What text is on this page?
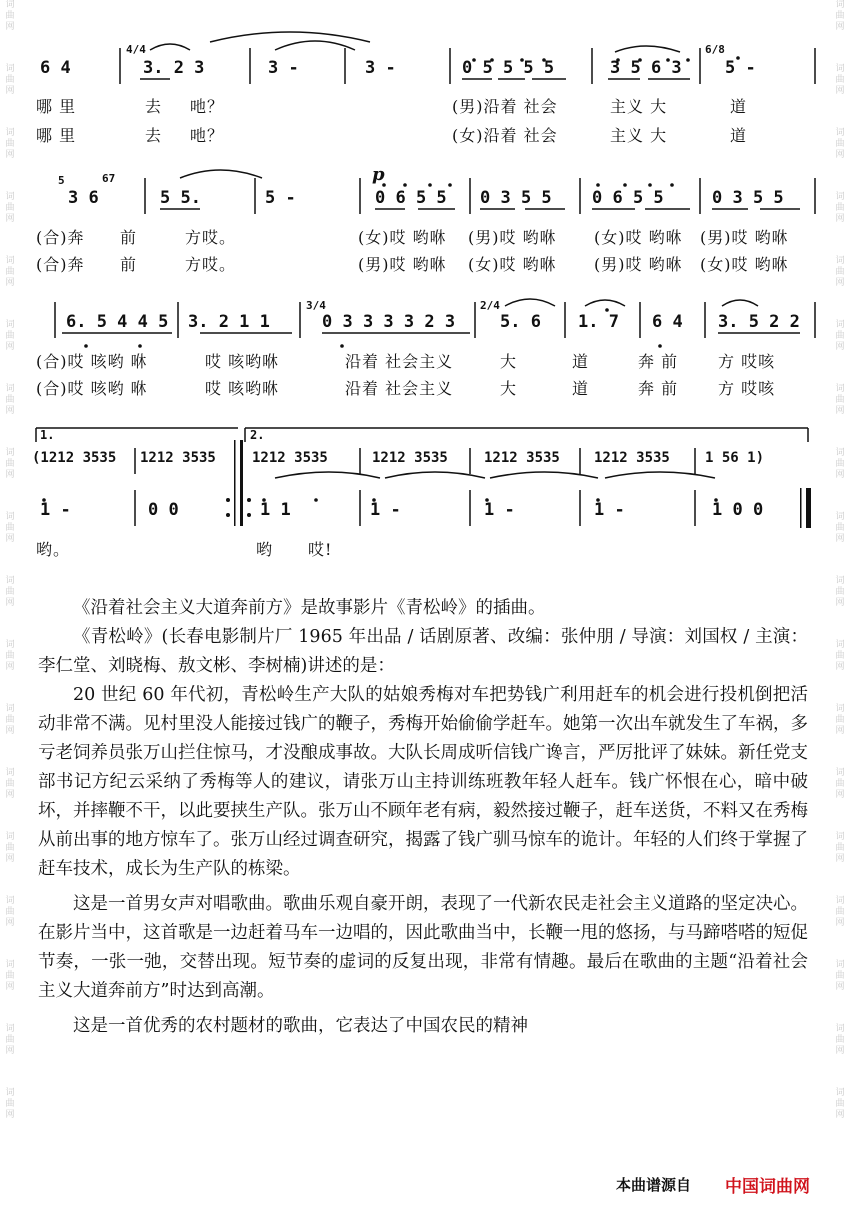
词
曲
网
词
曲
网
词
曲
网
词
曲
网
词
曲
网
词
曲
网
词
曲
网
词
曲
网
词
曲
网
词
曲
网
词
曲
网
词
曲
网
词
曲
网
词
曲
网
词
曲
网
词
曲
网
词
曲
网
词
曲
网
词
曲
网
词
曲
网
词
曲
网
词
曲
网
词
曲
网
词
曲
网
词
曲
网
词
曲
网
词
曲
网
词
曲
网
词
曲
网
词
曲
网
词
曲
网
词
曲
网
词
曲
网
词
曲
网
词
曲
网
词
曲
网
6 4
4/4
3. 2 3	3 -	3 -	0 5 5 5 5	3 5 6 3
6/8
5 -
哪 里	去 吔？	(男)沿着 社会	主义 大	道
哪 里	去 吔？	(女)沿着 社会	主义 大	道
5	67
3 6	5 5.	5 -
p
0 6 5 5 0 3 5 5 0 6 5 5	0 3 5 5
(合)奔 前	方哎。	(女)哎 哟咻 (男)哎 哟咻 (女)哎 哟咻 (男)哎 哟咻
(合)奔 前	方哎。	(男)哎 哟咻 (女)哎 哟咻 (男)哎 哟咻 (女)哎 哟咻
6. 5 4 4 5 3. 2 1 1
3/4
0 3 3 3 3 2 3
2/4
5. 6 1. 7 6 4 3. 5 2 2
(合)哎 咳哟 咻	哎 咳哟咻	沿着 社会主义	大	道	奔 前 方 哎咳
(合)哎 咳哟 咻	哎 咳哟咻	沿着 社会主义	大	道	奔 前 方 哎咳
1.	2.
(1212 3535 1212 3535	1212 3535	1212 3535	1212 3535 1212 3535	1 56 1)
1 -	0 0	1 1	1 -	1 -	1 -	1 0 0
哟。	哟 哎!

《沿着社会主义大道奔前方》是故事影片《青松岭》的插曲。

《青松岭》(长春电影制片厂 1965 年出品 / 话剧原著、改编：张仲朋 / 导演：刘国权 / 主演：李仁堂、刘晓梅、敖文彬、李树楠)讲述的是：

20 世纪 60 年代初，青松岭生产大队的姑娘秀梅对车把势钱广利用赶车的机会进行投机倒把活动非常不满。见村里没人能接过钱广的鞭子，秀梅开始偷偷学赶车。她第一次出车就发生了车祸，多亏老饲养员张万山拦住惊马，才没酿成事故。大队长周成听信钱广谗言，严厉批评了妹妹。新任党支部书记方纪云采纳了秀梅等人的建议，请张万山主持训练班教年轻人赶车。钱广怀恨在心，暗中破坏，并摔鞭不干，以此要挟生产队。张万山不顾年老有病，毅然接过鞭子，赶车送货，不料又在秀梅从前出事的地方惊车了。张万山经过调查研究，揭露了钱广驯马惊车的诡计。年轻的人们终于掌握了赶车技术，成长为生产队的栋梁。

这是一首男女声对唱歌曲。歌曲乐观自豪开朗，表现了一代新农民走社会主义道路的坚定决心。在影片当中，这首歌是一边赶着马车一边唱的，因此歌曲当中，长鞭一甩的悠扬，与马蹄嗒嗒的短促节奏，一张一弛，交替出现。短节奏的虚词的反复出现，非常有情趣。最后在歌曲的主题“沿着社会主义大道奔前方”时达到高潮。

这是一首优秀的农村题材的歌曲，它表达了中国农民的精神

本曲谱源自 中国词曲网
